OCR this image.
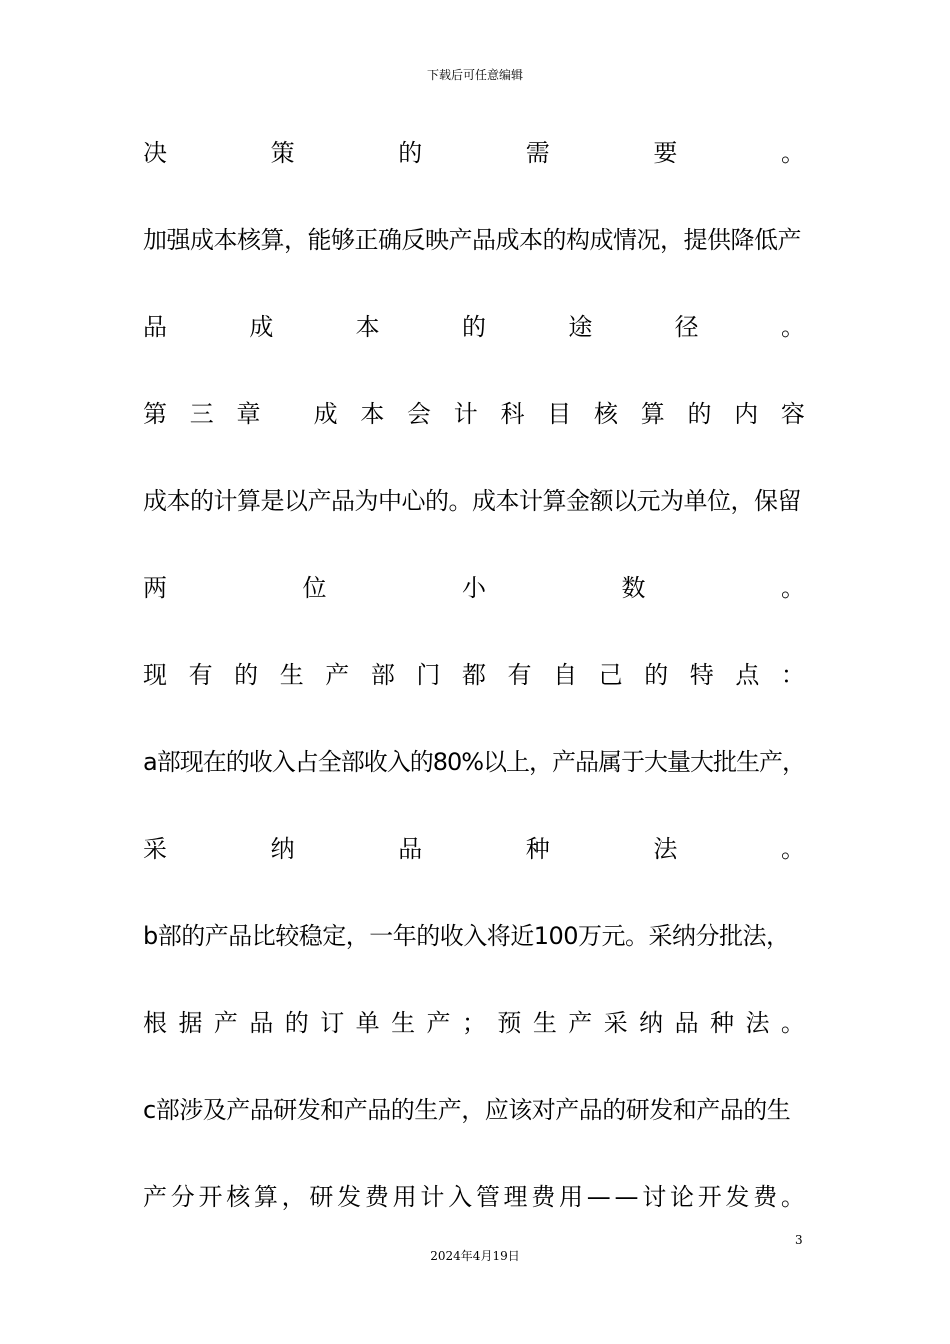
下载后可任意编辑
决	策	的	需	要	。
加强成本核算，能够正确反映产品成本的构成情况，提供降低产
品	成	本	的	途	径	。
第 三 章
成 本 会 计 科 目 核 算 的 内 容
成本的计算是以产品为中心的。成本计算金额以元为单位，保留
两	位	小	数	。
现 有 的 生 产 部 门 都 有 自 己 的 特 点 ：
a部现在的收入占全部收入的80%以上，产品属于大量大批生产，
采	纳	品	种	法	。
b部的产品比较稳定，一年的收入将近100万元。采纳分批法，
根 据 产 品 的 订 单 生 产 ； 预 生 产 采 纳 品 种 法 。
c部涉及产品研发和产品的生产，应该对产品的研发和产品的生
产 分 开 核 算 ， 研 发 费 用 计 入 管 理 费 用 — — 讨 论 开 发 费 。
3
2024年4月19日
